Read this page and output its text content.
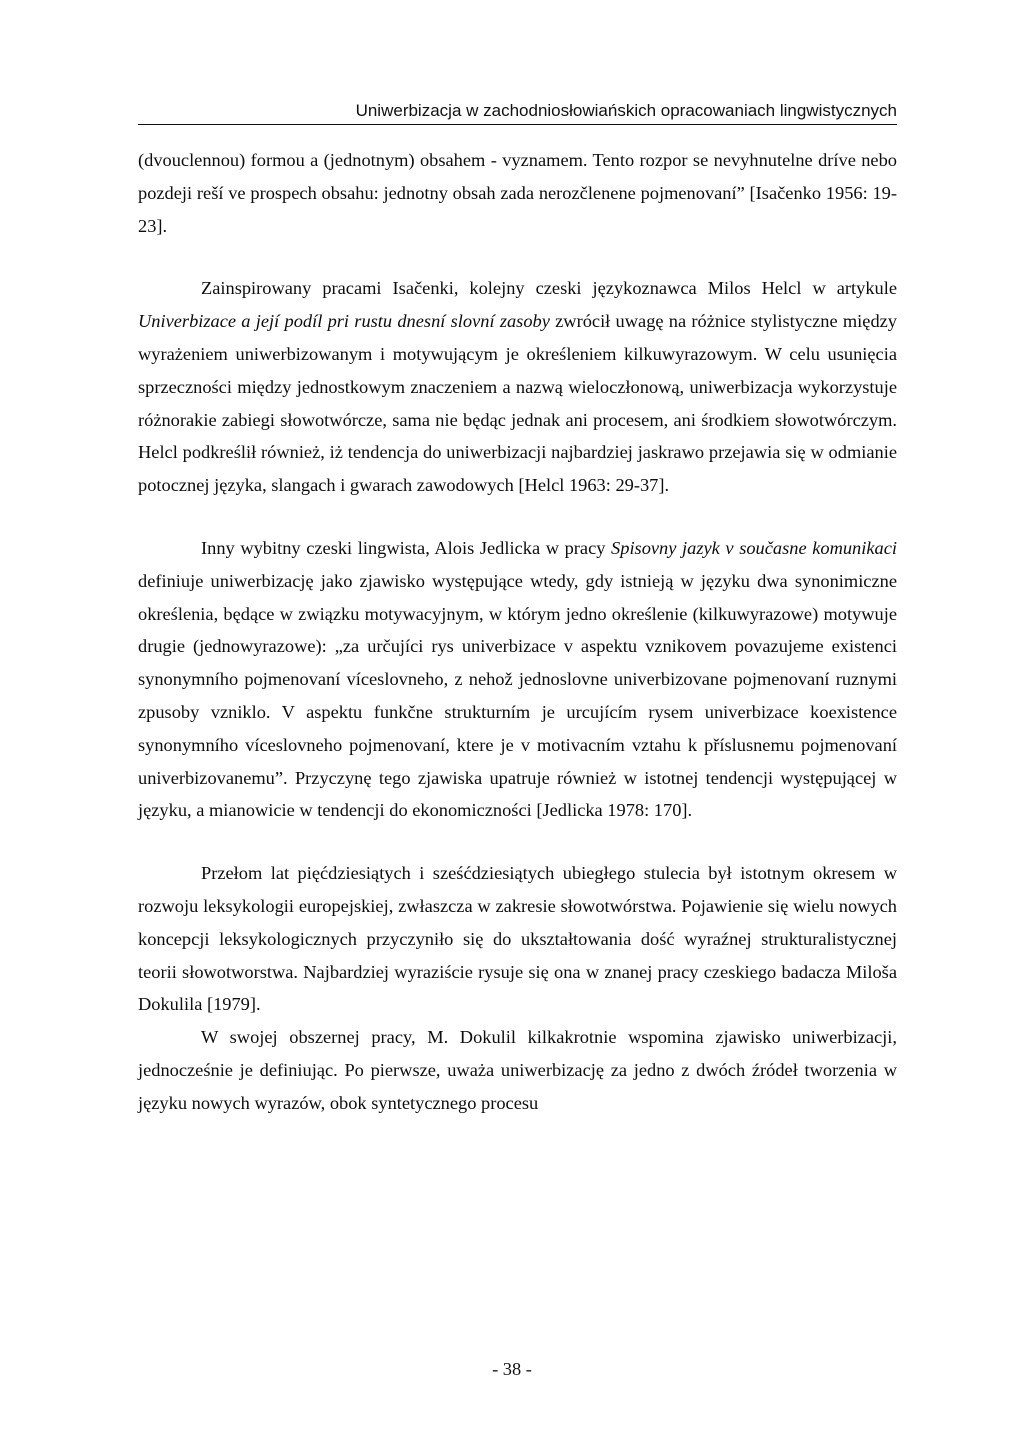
Uniwerbizacja w zachodniosłowiańskich opracowaniach lingwistycznych

(dvouclennou) formou a (jednotnym) obsahem - vyznamem. Tento rozpor se nevyhnutelne dríve nebo pozdeji reší ve prospech obsahu: jednotny obsah zada nerozčlenene pojmenovaní” [Isačenko 1956: 19-23].

Zainspirowany pracami Isačenki, kolejny czeski językoznawca Milos Helcl w artykule Univerbizace a její podíl pri rustu dnesní slovní zasoby zwrócił uwagę na różnice stylistyczne między wyrażeniem uniwerbizowanym i motywującym je określeniem kilkuwyrazowym. W celu usunięcia sprzeczności między jednostkowym znaczeniem a nazwą wieloczłonową, uniwerbizacja wykorzystuje różnorakie zabiegi słowotwórcze, sama nie będąc jednak ani procesem, ani środkiem słowotwórczym. Helcl podkreślił również, iż tendencja do uniwerbizacji najbardziej jaskrawo przejawia się w odmianie potocznej języka, slangach i gwarach zawodowych [Helcl 1963: 29-37].

Inny wybitny czeski lingwista, Alois Jedlicka w pracy Spisovny jazyk v současne komunikaci definiuje uniwerbizację jako zjawisko występujące wtedy, gdy istnieją w języku dwa synonimiczne określenia, będące w związku motywacyjnym, w którym jedno określenie (kilkuwyrazowe) motywuje drugie (jednowyrazowe): „za určujíci rys univerbizace v aspektu vznikovem povazujeme existenci synonymního pojmenovaní víceslovneho, z nehož jednoslovne univerbizovane pojmenovaní ruznymi zpusoby vzniklo. V aspektu funkčne strukturním je urcujícím rysem univerbizace koexistence synonymního víceslovneho pojmenovaní, ktere je v motivacním vztahu k příslusnemu pojmenovaní univerbizovanemu”. Przyczynę tego zjawiska upatruje również w istotnej tendencji występującej w języku, a mianowicie w tendencji do ekonomiczności [Jedlicka 1978: 170].

Przełom lat pięćdziesiątych i sześćdziesiątych ubiegłego stulecia był istotnym okresem w rozwoju leksykologii europejskiej, zwłaszcza w zakresie słowotwórstwa. Pojawienie się wielu nowych koncepcji leksykologicznych przyczyniło się do ukształtowania dość wyraźnej strukturalistycznej teorii słowotworstwa. Najbardziej wyraziście rysuje się ona w znanej pracy czeskiego badacza Miloša Dokulila [1979].

W swojej obszernej pracy, M. Dokulil kilkakrotnie wspomina zjawisko uniwerbizacji, jednocześnie je definiując. Po pierwsze, uważa uniwerbizację za jedno z dwóch źródeł tworzenia w języku nowych wyrazów, obok syntetycznego procesu

- 38 -
